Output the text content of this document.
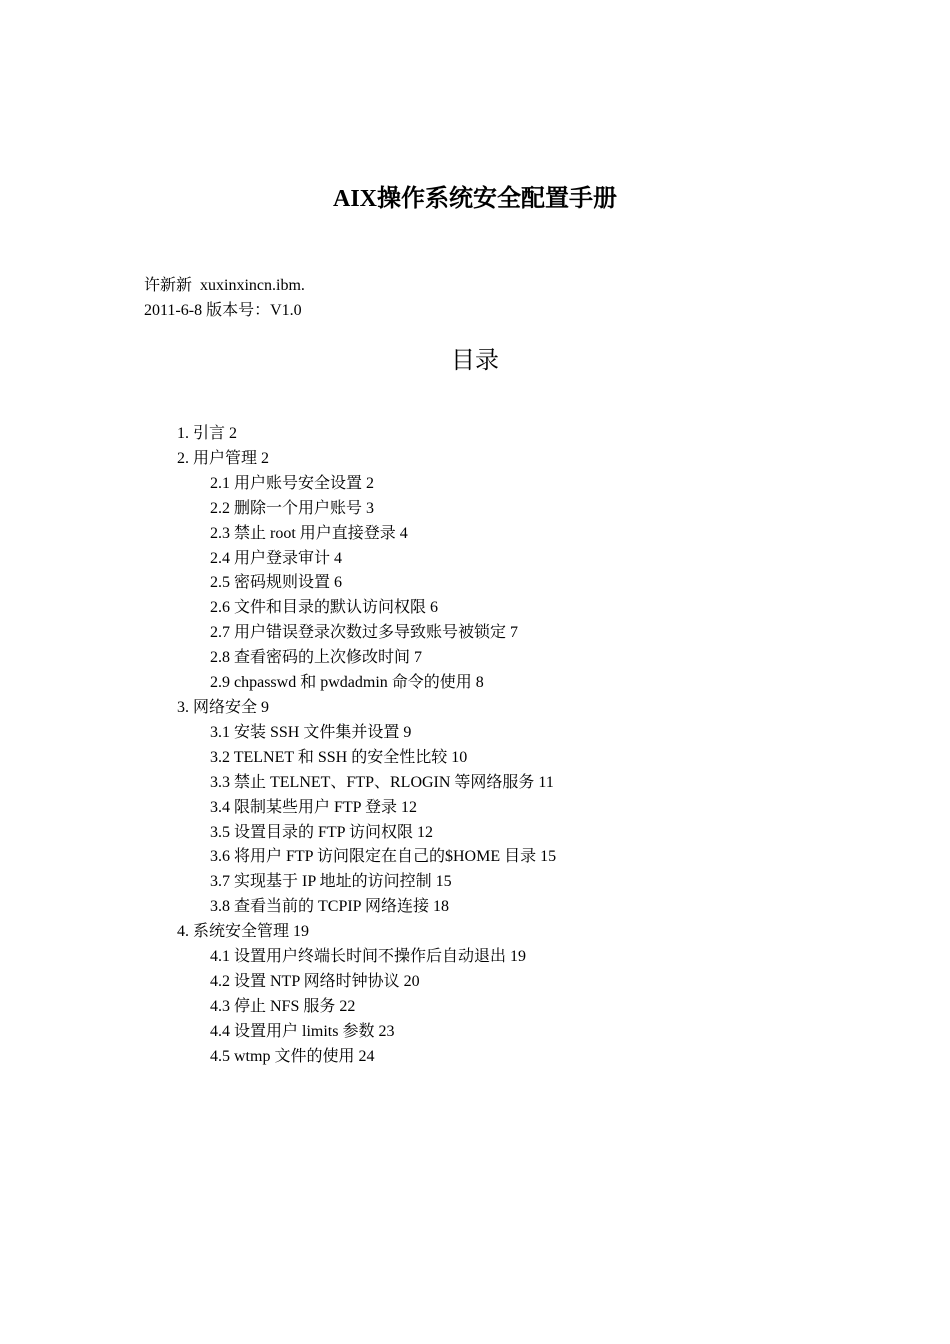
AIX操作系统安全配置手册
许新新  xuxinxincn.ibm.
2011-6-8 版本号：V1.0
目录
1. 引言 2
2. 用户管理 2
2.1 用户账号安全设置 2
2.2 删除一个用户账号 3
2.3 禁止 root 用户直接登录 4
2.4 用户登录审计 4
2.5 密码规则设置 6
2.6 文件和目录的默认访问权限 6
2.7 用户错误登录次数过多导致账号被锁定 7
2.8 查看密码的上次修改时间 7
2.9 chpasswd 和 pwdadmin 命令的使用 8
3. 网络安全 9
3.1 安装 SSH 文件集并设置 9
3.2 TELNET 和 SSH 的安全性比较 10
3.3 禁止 TELNET、FTP、RLOGIN 等网络服务 11
3.4 限制某些用户 FTP 登录 12
3.5 设置目录的 FTP 访问权限 12
3.6 将用户 FTP 访问限定在自己的$HOME 目录 15
3.7 实现基于 IP 地址的访问控制 15
3.8 查看当前的 TCPIP 网络连接 18
4. 系统安全管理 19
4.1 设置用户终端长时间不操作后自动退出 19
4.2 设置 NTP 网络时钟协议 20
4.3 停止 NFS 服务 22
4.4 设置用户 limits 参数 23
4.5 wtmp 文件的使用 24
